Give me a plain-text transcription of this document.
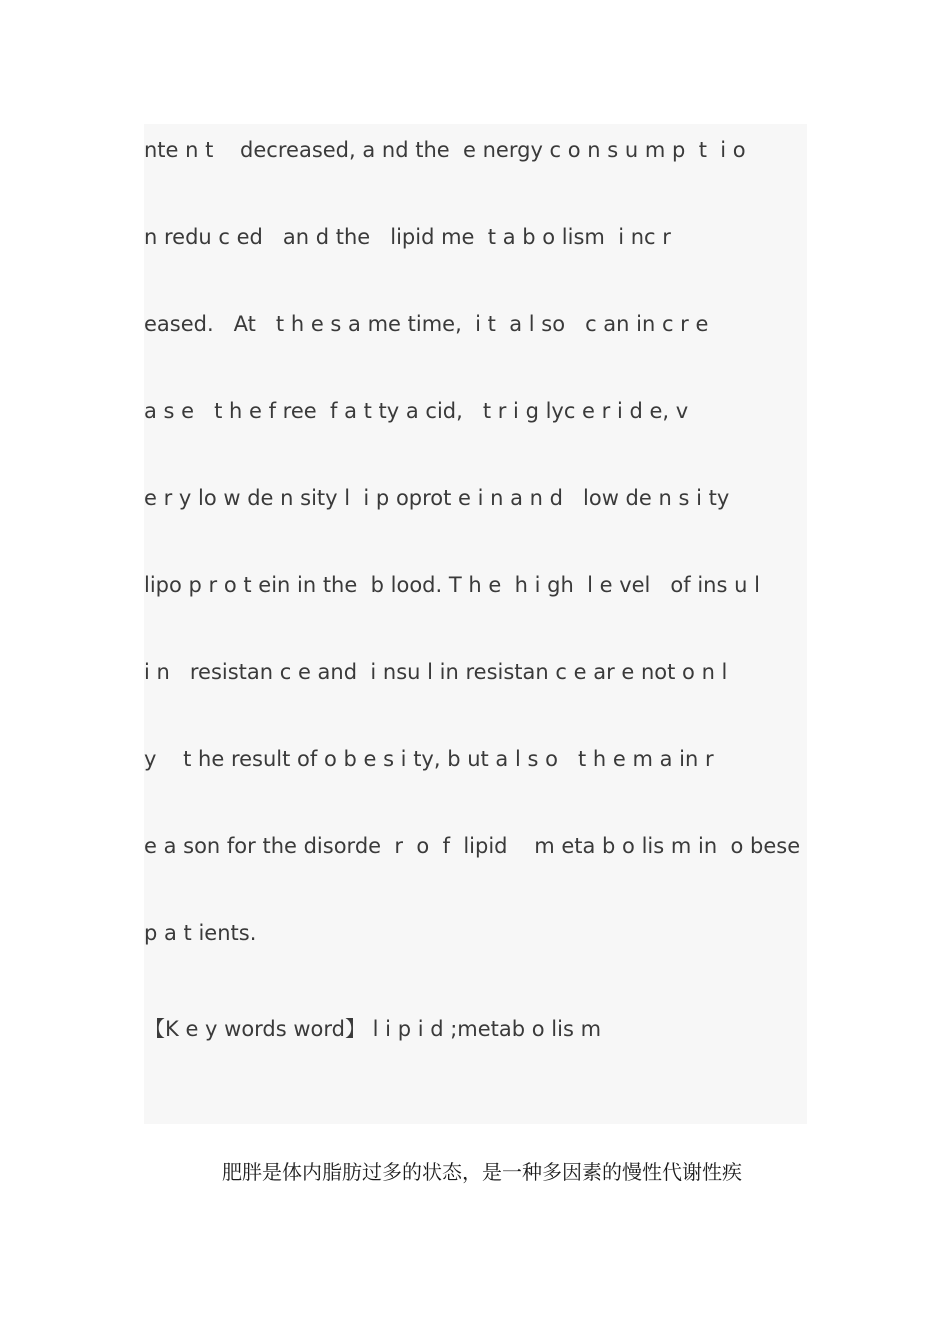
nte n t    decreased, a nd the  e nergy c o n s u m p  t  i o
n redu c ed   an d the   lipid me  t a b o lism  i nc r
eased.   At   t h e s a me time,  i t  a l so   c an in c r e
a s e   t h e f ree  f a t ty a cid,   t r i g lyc e r i d e, v
e r y lo w de n sity l  i p oprot e i n a n d   low de n s i ty
lipo p r o t ein in the  b lood. T h e  h i gh  l e vel   of ins u l
i n   resistan c e and  i nsu l in resistan c e ar e not o n l
y    t he result of o b e s i ty, b ut a l s o   t h e m a in r
e a son for the disorde  r  o  f  lipid    m eta b o lis m in  o bese
p a t ients.
【K e y words word】 l i p i d ;metab o lis m
肥胖是体内脂肪过多的状态，是一种多因素的慢性代谢性疾
